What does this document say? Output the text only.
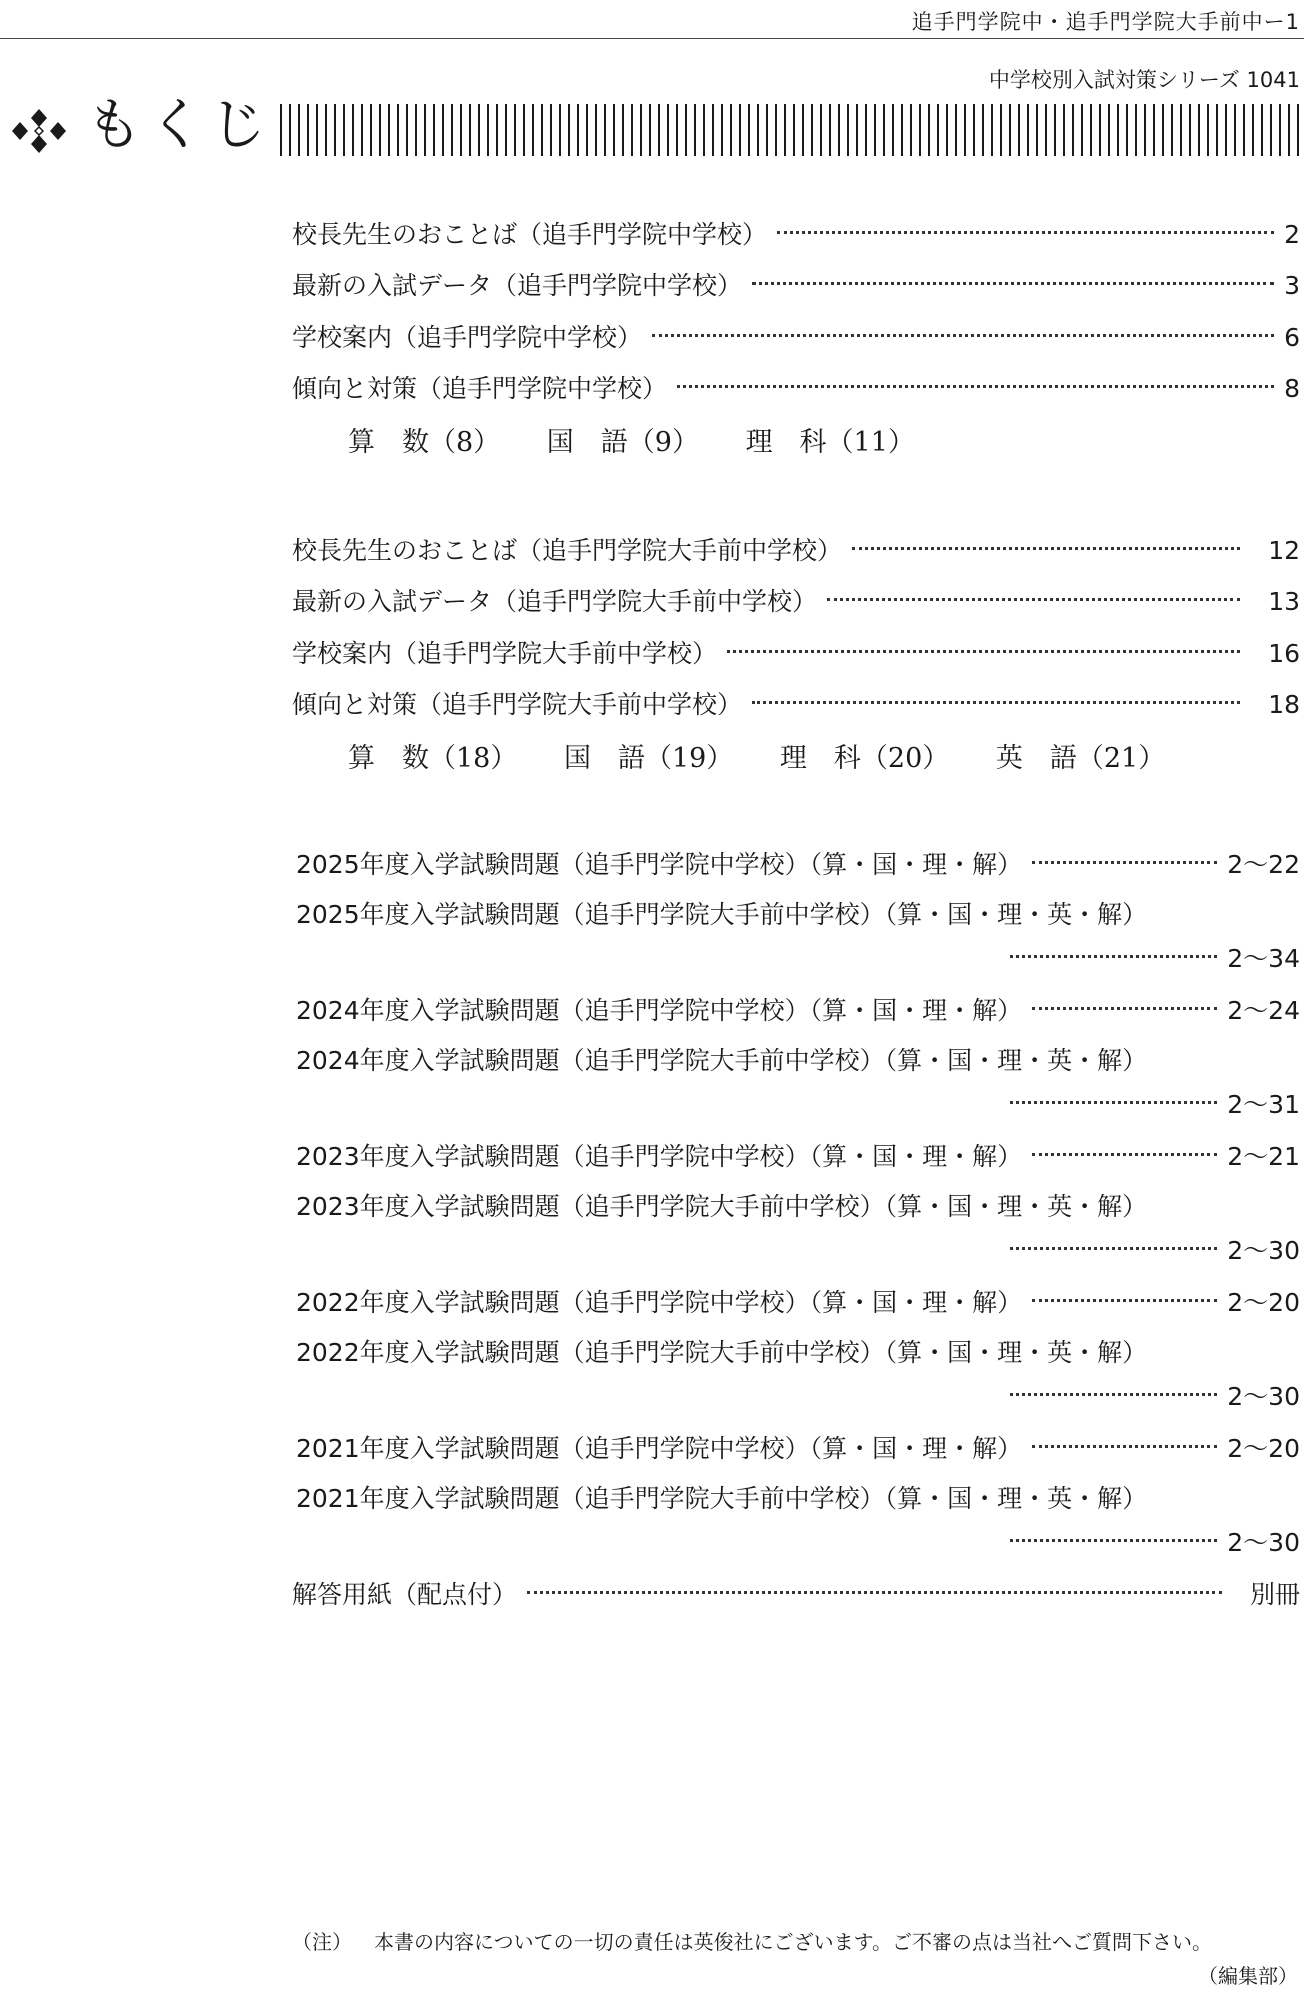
追手門学院中・追手門学院大手前中ー1
中学校別入試対策シリーズ 1041
もくじ
校長先生のおことば（追手門学院中学校）	2
最新の入試データ（追手門学院中学校）	3
学校案内（追手門学院中学校）	6
傾向と対策（追手門学院中学校）	8
算　数（8） 国　語（9） 理　科（11）
校長先生のおことば（追手門学院大手前中学校）	12
最新の入試データ（追手門学院大手前中学校）	13
学校案内（追手門学院大手前中学校）	16
傾向と対策（追手門学院大手前中学校）	18
算　数（18） 国　語（19） 理　科（20） 英　語（21）
2025年度入学試験問題（追手門学院中学校）（算・国・理・解）	2～22
2025年度入学試験問題（追手門学院大手前中学校）（算・国・理・英・解）
2～34
2024年度入学試験問題（追手門学院中学校）（算・国・理・解）	2～24
2024年度入学試験問題（追手門学院大手前中学校）（算・国・理・英・解）
2～31
2023年度入学試験問題（追手門学院中学校）（算・国・理・解）	2～21
2023年度入学試験問題（追手門学院大手前中学校）（算・国・理・英・解）
2～30
2022年度入学試験問題（追手門学院中学校）（算・国・理・解）	2～20
2022年度入学試験問題（追手門学院大手前中学校）（算・国・理・英・解）
2～30
2021年度入学試験問題（追手門学院中学校）（算・国・理・解）	2～20
2021年度入学試験問題（追手門学院大手前中学校）（算・国・理・英・解）
2～30
解答用紙（配点付）	別冊
（注） 本書の内容についての一切の責任は英俊社にございます。ご不審の点は当社へご質問下さい。
（編集部）
